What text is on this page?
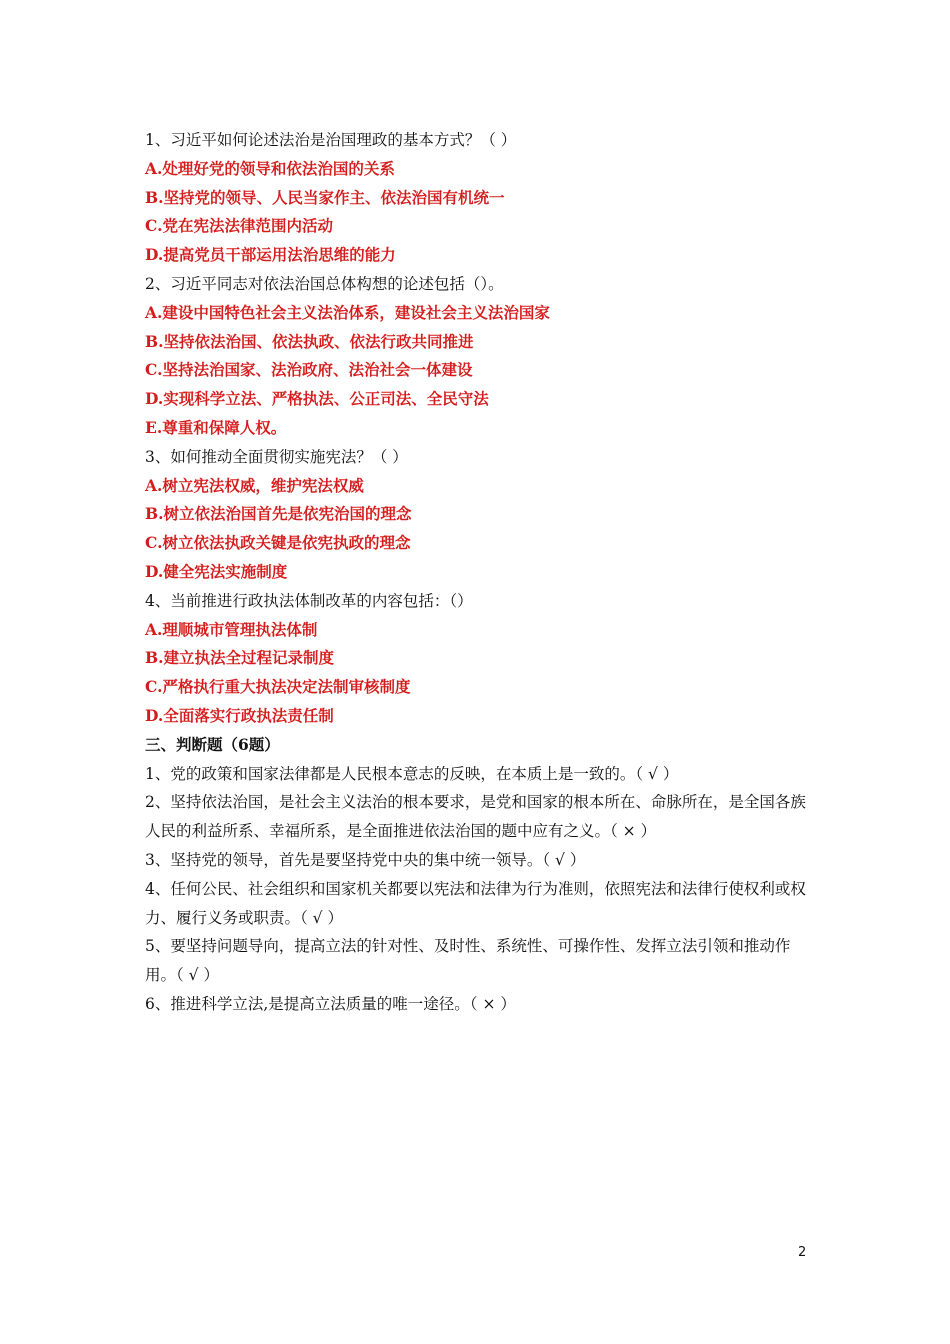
1、习近平如何论述法治是治国理政的基本方式？（ ）
A.处理好党的领导和依法治国的关系
B.坚持党的领导、人民当家作主、依法治国有机统一
C.党在宪法法律范围内活动
D.提高党员干部运用法治思维的能力
2、习近平同志对依法治国总体构想的论述包括（）。
A.建设中国特色社会主义法治体系，建设社会主义法治国家
B.坚持依法治国、依法执政、依法行政共同推进
C.坚持法治国家、法治政府、法治社会一体建设
D.实现科学立法、严格执法、公正司法、全民守法
E.尊重和保障人权。
3、如何推动全面贯彻实施宪法？（ ）
A.树立宪法权威，维护宪法权威
B.树立依法治国首先是依宪治国的理念
C.树立依法执政关键是依宪执政的理念
D.健全宪法实施制度
4、当前推进行政执法体制改革的内容包括：（）
A.理顺城市管理执法体制
B.建立执法全过程记录制度
C.严格执行重大执法决定法制审核制度
D.全面落实行政执法责任制
三、判断题（6题）
1、党的政策和国家法律都是人民根本意志的反映，在本质上是一致的。（ √ ）
2、坚持依法治国，是社会主义法治的根本要求，是党和国家的根本所在、命脉所在，是全国各族人民的利益所系、幸福所系，是全面推进依法治国的题中应有之义。（ × ）
3、坚持党的领导，首先是要坚持党中央的集中统一领导。（ √ ）
4、任何公民、社会组织和国家机关都要以宪法和法律为行为准则，依照宪法和法律行使权利或权力、履行义务或职责。（ √ ）
5、要坚持问题导向，提高立法的针对性、及时性、系统性、可操作性、发挥立法引领和推动作用。（ √ ）
6、推进科学立法,是提高立法质量的唯一途径。（ × ）
2
